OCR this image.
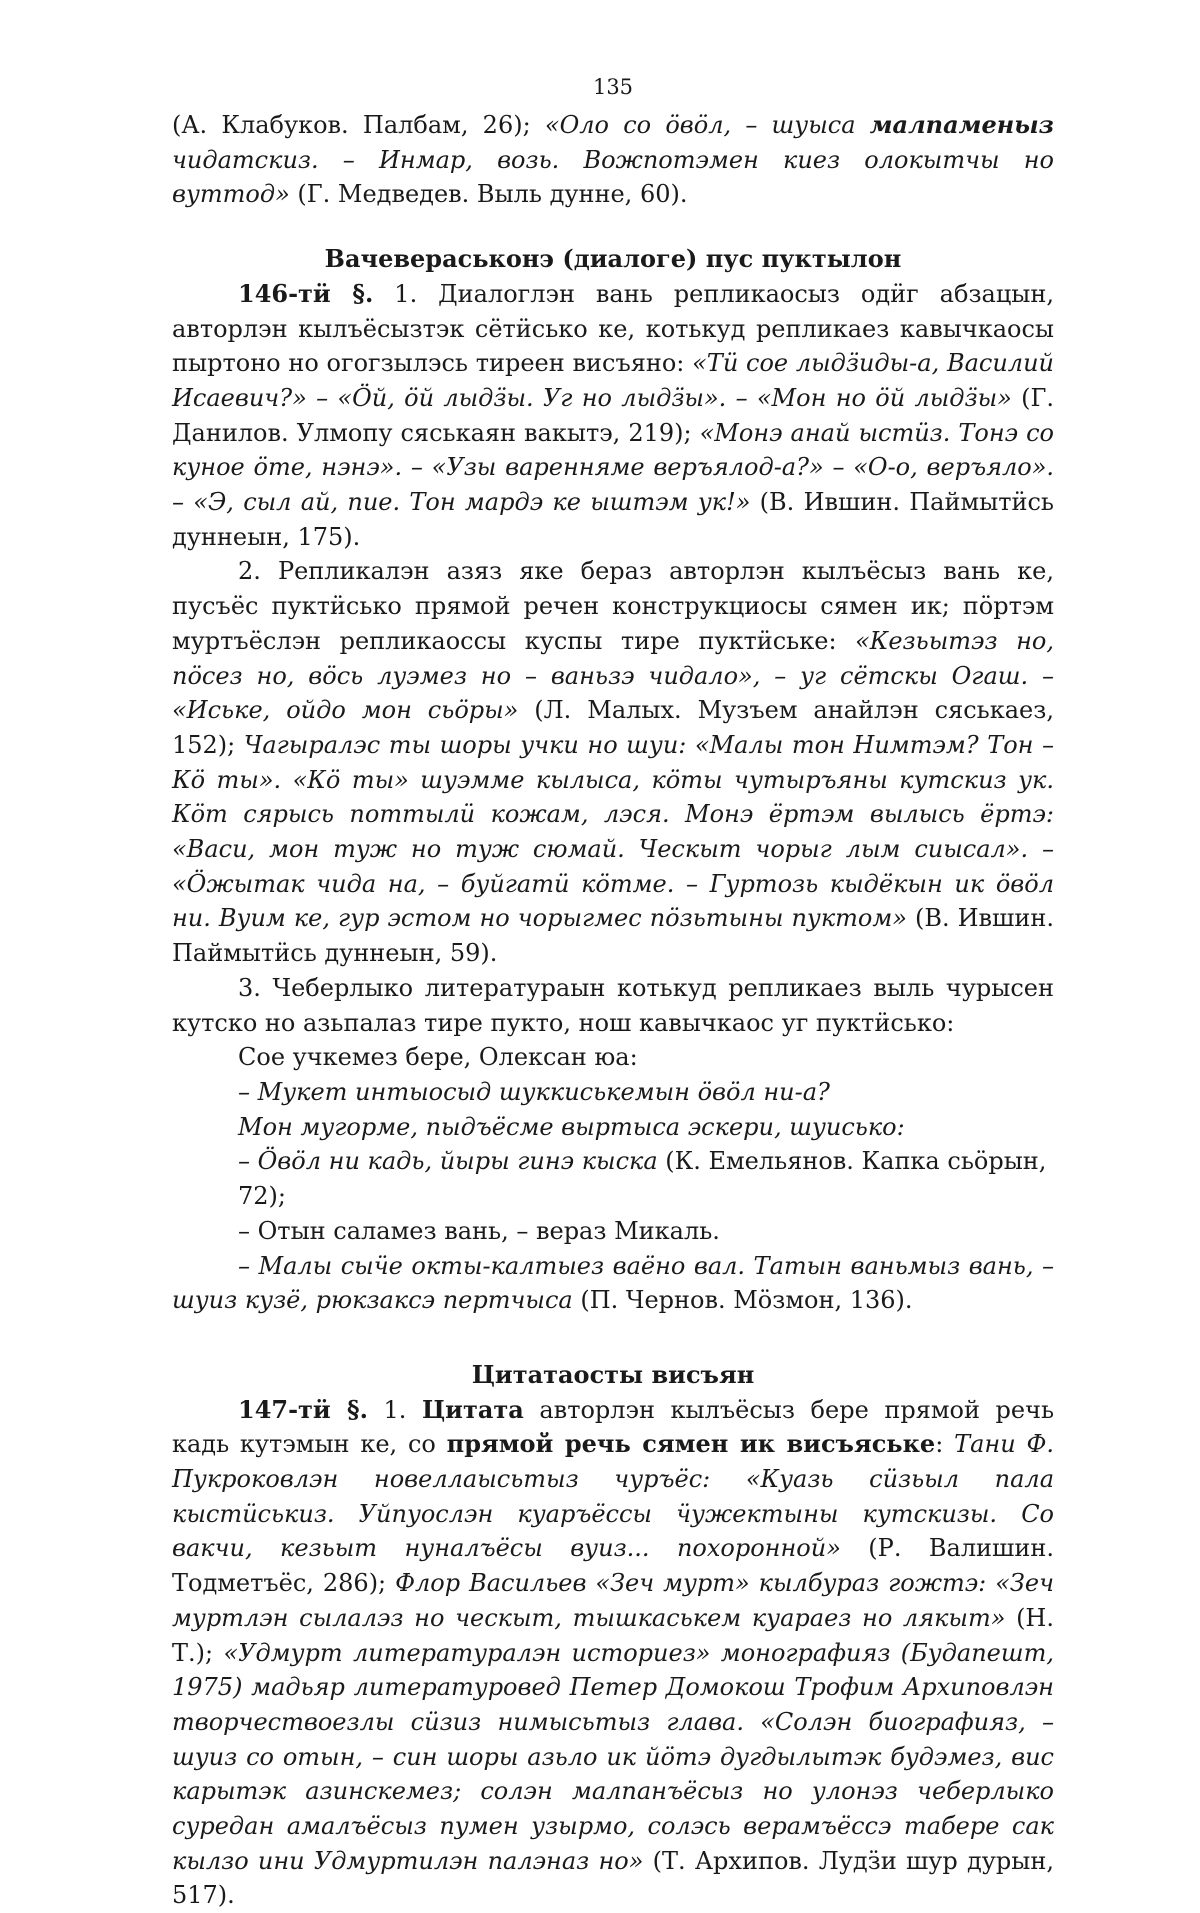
135

(А. Клабуков. Палбам, 26); «Оло со ӧвӧл, – шуыса малпаменыз чидатскиз. – Инмар, возь. Вожпотэмен киез олокытчы но вуттод» (Г. Медведев. Выль дунне, 60).

Вачевераськонэ (диалоге) пус пуктылон

146-тӥ §. 1. Диалоглэн вань репликаосыз одӥг абзацын, авторлэн кылъёсызтэк сётӥсько ке, котькуд репликаез кавычкаосы пыртоно но огогзылэсь тиреен висъяно: «Тӥ сое лыдӟиды-а, Василий Исаевич?» – «Ӧй, ӧй лыдӟы. Уг но лыдӟы». – «Мон но ӧй лыдӟы» (Г. Данилов. Улмопу сяськаян вакытэ, 219); «Монэ анай ыстӥз. Тонэ со куное ӧте, нэнэ». – «Узы варенняме веръялод-а?» – «О-о, веръяло». – «Э, сыл ай, пие. Тон мардэ ке ыштэм ук!» (В. Ившин. Паймытӥсь дуннеын, 175).

2. Репликалэн азяз яке бераз авторлэн кылъёсыз вань ке, пусъёс пуктӥсько прямой речен конструкциосы сямен ик; пӧртэм муртъёслэн репликаоссы куспы тире пуктӥське: «Кезьытэз но, пӧсез но, вӧсь луэмез но – ваньзэ чидало», – уг сётскы Огаш. – «Иське, ойдо мон сьӧры» (Л. Малых. Музъем анайлэн сяськаез, 152); Чагыралэс ты шоры учки но шуи: «Малы тон Нимтэм? Тон – Кӧ ты». «Кӧ ты» шуэмме кылыса, кӧты чутыръяны кутскиз ук. Кӧт сярысь поттылӥ кожам, лэся. Монэ ёртэм вылысь ёртэ: «Васи, мон туж но туж сюмай. Ческыт чорыг лым сиысал». – «Ӧжытак чида на, – буйгатӥ кӧтме. – Гуртозь кыдёкын ик ӧвӧл ни. Вуим ке, гур эстом но чорыгмес пӧзьтыны пуктом» (В. Ившин. Паймытӥсь дуннеын, 59).

3. Чеберлыко литератураын котькуд репликаез выль чурысен кутско но азьпалаз тире пукто, нош кавычкаос уг пуктӥсько:

Сое учкемез бере, Олексан юа:

– Мукет интыосыд шуккиськемын ӧвӧл ни-а?

Мон мугорме, пыдъёсме выртыса эскери, шуисько:

– Ӧвӧл ни кадь, йыры гинэ кыска (К. Емельянов. Капка сьӧрын, 72);

– Отын саламез вань, – вераз Микаль.

– Малы сыӵе окты-калтыез ваёно вал. Татын ваньмыз вань, – шуиз кузё, рюкзаксэ пертчыса (П. Чернов. Мӧзмон, 136).

Цитатаосты висъян

147-тӥ §. 1. Цитата авторлэн кылъёсыз бере прямой речь кадь кутэмын ке, со прямой речь сямен ик висъяське: Тани Ф. Пукроковлэн новеллаысьтыз чуръёс: «Куазь сӥзьыл пала кыстӥськиз. Уйпуослэн куаръёссы ӵужектыны кутскизы. Со вакчи, кезьыт нуналъёсы вуиз... похоронной» (Р. Валишин. Тодметъёс, 286); Флор Васильев «Зеч мурт» кылбураз гожтэ: «Зеч муртлэн сылалэз но ческыт, тышкаськем куараез но лякыт» (Н. Т.); «Удмурт литературалэн историез» монографияз (Будапешт, 1975) мадьяр литературовед Петер Домокош Трофим Архиповлэн творчествоезлы сӥзиз нимысьтыз глава. «Солэн биографияз, – шуиз со отын, – син шоры азьло ик йӧтэ дугдылытэк будэмез, вис карытэк азинскемез; солэн малпанъёсыз но улонэз чеберлыко суредан амалъёсыз пумен узырмо, солэсь верамъёссэ табере сак кылзо ини Удмуртилэн палэназ но» (Т. Архипов. Лудӟи шур дурын, 517).
